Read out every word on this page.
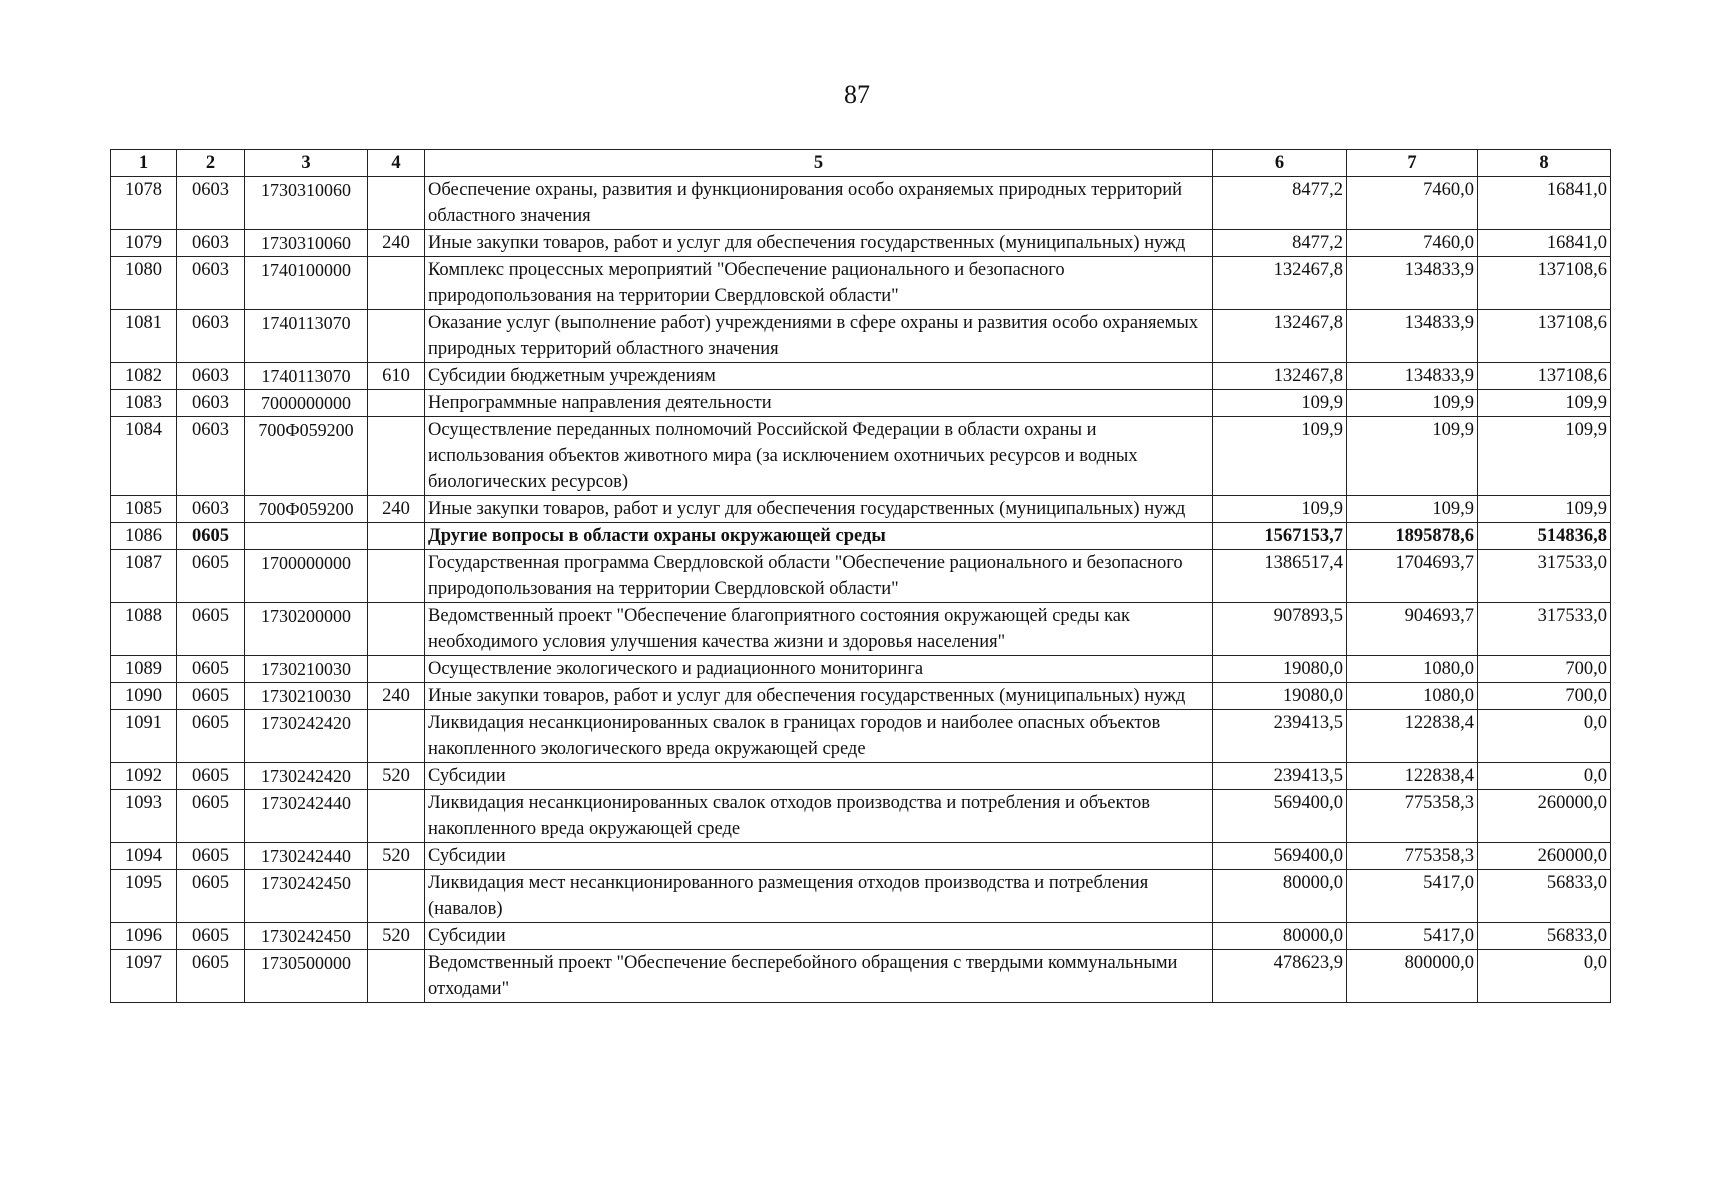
87
1	2	3	4	5	6	7	8
1078	0603	1730310060		Обеспечение охраны, развития и функционирования особо охраняемых природных территорий областного значения	8477,2	7460,0	16841,0
1079	0603	1730310060	240	Иные закупки товаров, работ и услуг для обеспечения государственных (муниципальных) нужд	8477,2	7460,0	16841,0
1080	0603	1740100000		Комплекс процессных мероприятий "Обеспечение рационального и безопасного природопользования на территории Свердловской области"	132467,8	134833,9	137108,6
1081	0603	1740113070		Оказание услуг (выполнение работ) учреждениями в сфере охраны и развития особо охраняемых природных территорий областного значения	132467,8	134833,9	137108,6
1082	0603	1740113070	610	Субсидии бюджетным учреждениям	132467,8	134833,9	137108,6
1083	0603	7000000000		Непрограммные направления деятельности	109,9	109,9	109,9
1084	0603	700Ф059200		Осуществление переданных полномочий Российской Федерации в области охраны и использования объектов животного мира (за исключением охотничьих ресурсов и водных биологических ресурсов)	109,9	109,9	109,9
1085	0603	700Ф059200	240	Иные закупки товаров, работ и услуг для обеспечения государственных (муниципальных) нужд	109,9	109,9	109,9
1086	0605			Другие вопросы в области охраны окружающей среды	1567153,7	1895878,6	514836,8
1087	0605	1700000000		Государственная программа Свердловской области "Обеспечение рационального и безопасного природопользования на территории Свердловской области"	1386517,4	1704693,7	317533,0
1088	0605	1730200000		Ведомственный проект "Обеспечение благоприятного состояния окружающей среды как необходимого условия улучшения качества жизни и здоровья населения"	907893,5	904693,7	317533,0
1089	0605	1730210030		Осуществление экологического и радиационного мониторинга	19080,0	1080,0	700,0
1090	0605	1730210030	240	Иные закупки товаров, работ и услуг для обеспечения государственных (муниципальных) нужд	19080,0	1080,0	700,0
1091	0605	1730242420		Ликвидация несанкционированных свалок в границах городов и наиболее опасных объектов накопленного экологического вреда окружающей среде	239413,5	122838,4	0,0
1092	0605	1730242420	520	Субсидии	239413,5	122838,4	0,0
1093	0605	1730242440		Ликвидация несанкционированных свалок отходов производства и потребления и объектов накопленного вреда окружающей среде	569400,0	775358,3	260000,0
1094	0605	1730242440	520	Субсидии	569400,0	775358,3	260000,0
1095	0605	1730242450		Ликвидация мест несанкционированного размещения отходов производства и потребления (навалов)	80000,0	5417,0	56833,0
1096	0605	1730242450	520	Субсидии	80000,0	5417,0	56833,0
1097	0605	1730500000		Ведомственный проект "Обеспечение бесперебойного обращения с твердыми коммунальными отходами"	478623,9	800000,0	0,0
